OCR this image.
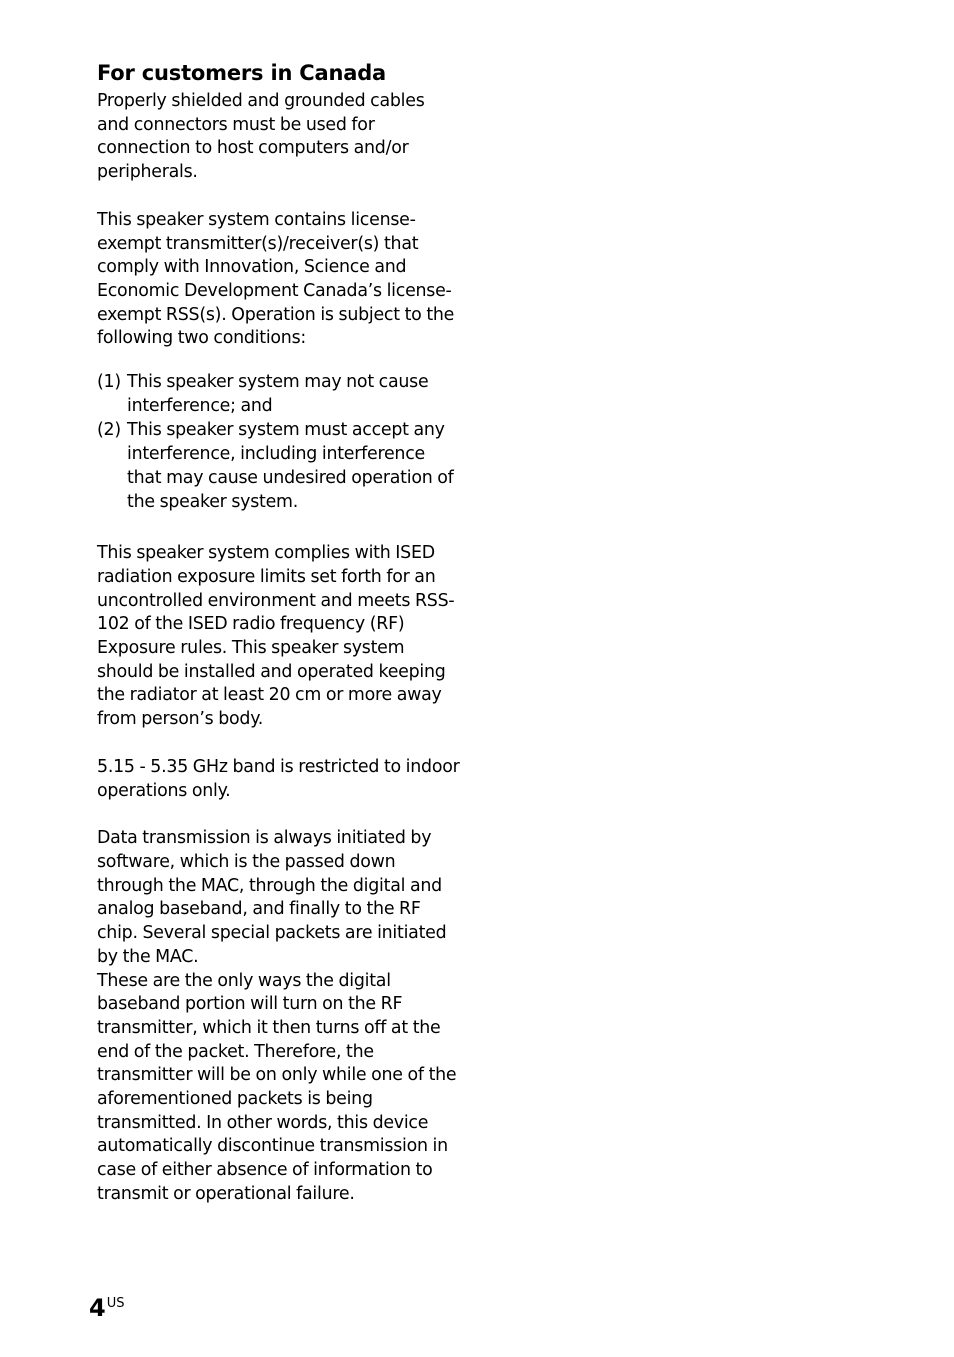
For customers in Canada

Properly shielded and grounded cables and connectors must be used for connection to host computers and/or peripherals.

This speaker system contains license-exempt transmitter(s)/receiver(s) that comply with Innovation, Science and Economic Development Canada’s license-exempt RSS(s). Operation is subject to the following two conditions:

(1) This speaker system may not cause interference; and
(2) This speaker system must accept any interference, including interference that may cause undesired operation of the speaker system.

This speaker system complies with ISED radiation exposure limits set forth for an uncontrolled environment and meets RSS-102 of the ISED radio frequency (RF) Exposure rules. This speaker system should be installed and operated keeping the radiator at least 20 cm or more away from person’s body.

5.15 - 5.35 GHz band is restricted to indoor operations only.

Data transmission is always initiated by software, which is the passed down through the MAC, through the digital and analog baseband, and finally to the RF chip. Several special packets are initiated by the MAC.

These are the only ways the digital baseband portion will turn on the RF transmitter, which it then turns off at the end of the packet. Therefore, the transmitter will be on only while one of the aforementioned packets is being transmitted. In other words, this device automatically discontinue transmission in case of either absence of information to transmit or operational failure.

$4^{US}$
